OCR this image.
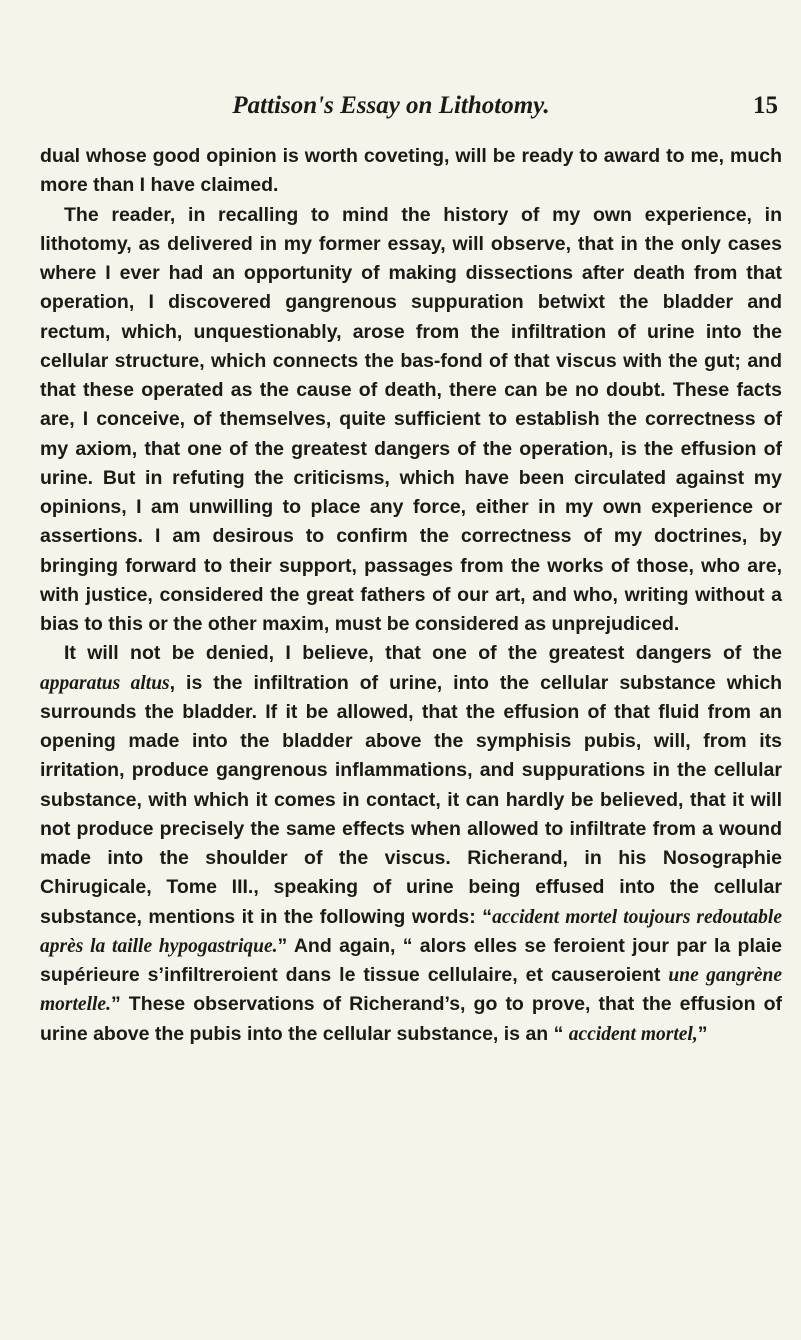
Pattison's Essay on Lithotomy.	15

dual whose good opinion is worth coveting, will be ready to award to me, much more than I have claimed.

The reader, in recalling to mind the history of my own experience, in lithotomy, as delivered in my former essay, will observe, that in the only cases where I ever had an opportunity of making dissections after death from that operation, I discovered gangrenous suppuration betwixt the bladder and rectum, which, unquestionably, arose from the infiltration of urine into the cellular structure, which connects the bas-fond of that viscus with the gut; and that these operated as the cause of death, there can be no doubt. These facts are, I conceive, of themselves, quite sufficient to establish the correctness of my axiom, that one of the greatest dangers of the operation, is the effusion of urine. But in refuting the criticisms, which have been circulated against my opinions, I am unwilling to place any force, either in my own experience or assertions. I am desirous to confirm the correctness of my doctrines, by bringing forward to their support, passages from the works of those, who are, with justice, considered the great fathers of our art, and who, writing without a bias to this or the other maxim, must be considered as unprejudiced.

It will not be denied, I believe, that one of the greatest dangers of the apparatus altus, is the infiltration of urine, into the cellular substance which surrounds the bladder. If it be allowed, that the effusion of that fluid from an opening made into the bladder above the symphisis pubis, will, from its irritation, produce gangrenous inflammations, and suppurations in the cellular substance, with which it comes in contact, it can hardly be believed, that it will not produce precisely the same effects when allowed to infiltrate from a wound made into the shoulder of the viscus. Richerand, in his Nosographie Chirugicale, Tome III., speaking of urine being effused into the cellular substance, mentions it in the following words: “accident mortel toujours redoutable après la taille hypogastrique.” And again, “ alors elles se feroient jour par la plaie supérieure s’infiltreroient dans le tissue cellulaire, et causeroient une gangrène mortelle.” These observations of Richerand’s, go to prove, that the effusion of urine above the pubis into the cellular substance, is an “ accident mortel,”
